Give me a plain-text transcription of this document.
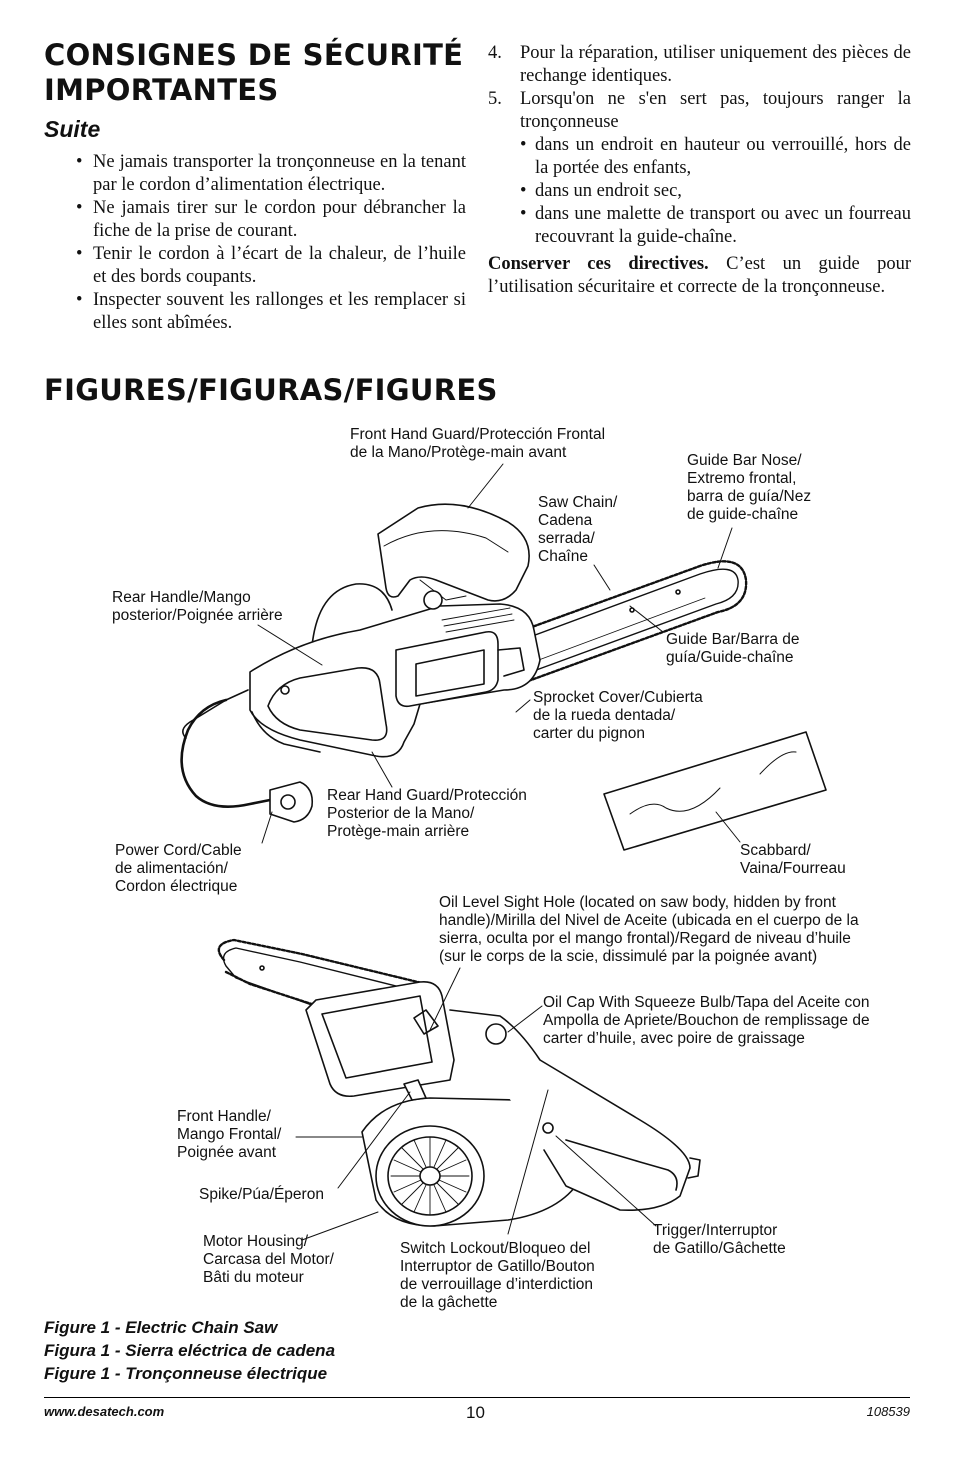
CONSIGNES DE SÉCURITÉ
IMPORTANTES
Suite
• Ne jamais transporter la tronçonneuse en la tenant par le cordon d’alimentation électrique.
• Ne jamais tirer sur le cordon pour débrancher la fiche de la prise de courant.
• Tenir le cordon à l’écart de la chaleur, de l’huile et des bords coupants.
• Inspecter souvent les rallonges et les remplacer si elles sont abîmées.
4. Pour la réparation, utiliser uniquement des pièces de rechange identiques.
5. Lorsqu'on ne s'en sert pas, toujours ranger la tronçonneuse
• dans un endroit en hauteur ou verrouillé, hors de la portée des enfants,
• dans un endroit sec,
• dans une malette de transport ou avec un fourreau recouvrant la guide-chaîne.

Conserver ces directives. C’est un guide pour l’utilisation sécuritaire et correcte de la tronçonneuse.

FIGURES/FIGURAS/FIGURES
Front Hand Guard/Protección Frontal
de la Mano/Protège-main avant	Guide Bar Nose/
Extremo frontal,
barra de guía/Nez
de guide-chaîne
Saw Chain/
Cadena
serrada/
Chaîne
Rear Handle/Mango
posterior/Poignée arrière
Guide Bar/Barra de
guía/Guide-chaîne
Sprocket Cover/Cubierta
de la rueda dentada/
carter du pignon
Rear Hand Guard/Protección
Posterior de la Mano/
Protège-main arrière
Power Cord/Cable
de alimentación/
Cordon électrique
Scabbard/
Vaina/Fourreau
Oil Level Sight Hole (located on saw body, hidden by front
handle)/Mirilla del Nivel de Aceite (ubicada en el cuerpo de la
sierra, oculta por el mango frontal)/Regard de niveau d’huile
(sur le corps de la scie, dissimulé par la poignée avant)
Oil Cap With Squeeze Bulb/Tapa del Aceite con
Ampolla de Apriete/Bouchon de remplissage de
carter d’huile, avec poire de graissage
Front Handle/
Mango Frontal/
Poignée avant
Spike/Púa/Éperon
Motor Housing/
Carcasa del Motor/
Bâti du moteur
Switch Lockout/Bloqueo del
Interruptor de Gatillo/Bouton
de verrouillage d’interdiction
de la gâchette
Trigger/Interruptor
de Gatillo/Gâchette
Figure 1 - Electric Chain Saw
Figura 1 - Sierra eléctrica de cadena
Figure 1 - Tronçonneuse électrique
www.desatech.com	10	108539
